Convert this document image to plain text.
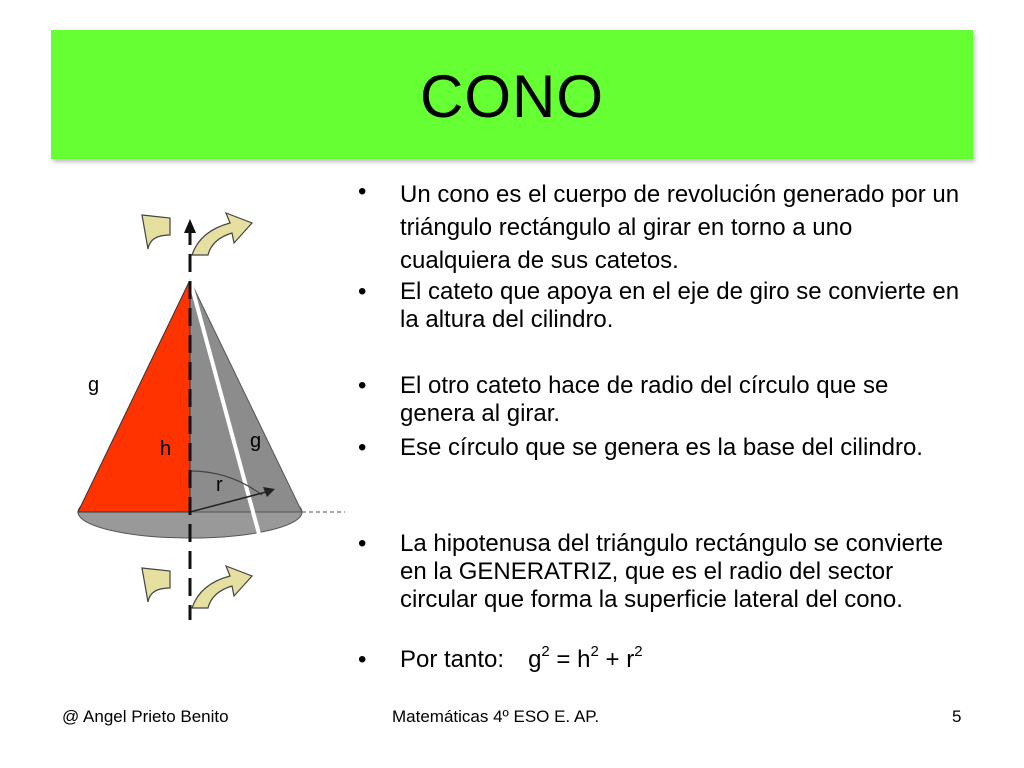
CONO
g
h	g
r
• Un cono es el cuerpo de revolución generado por un triángulo rectángulo al girar en torno a uno cualquiera de sus catetos.
• El cateto que apoya en el eje de giro se convierte en la altura del cilindro.
• El otro cateto hace de radio del círculo que se genera al girar.
• Ese círculo que se genera es la base del cilindro.
• La hipotenusa del triángulo rectángulo se convierte en la GENERATRIZ, que es el radio del sector circular que forma la superficie lateral del cono.
• Por tanto: $g^2 = h^2 + r^2$
@ Angel Prieto Benito	Matemáticas 4º ESO E. AP.	5
